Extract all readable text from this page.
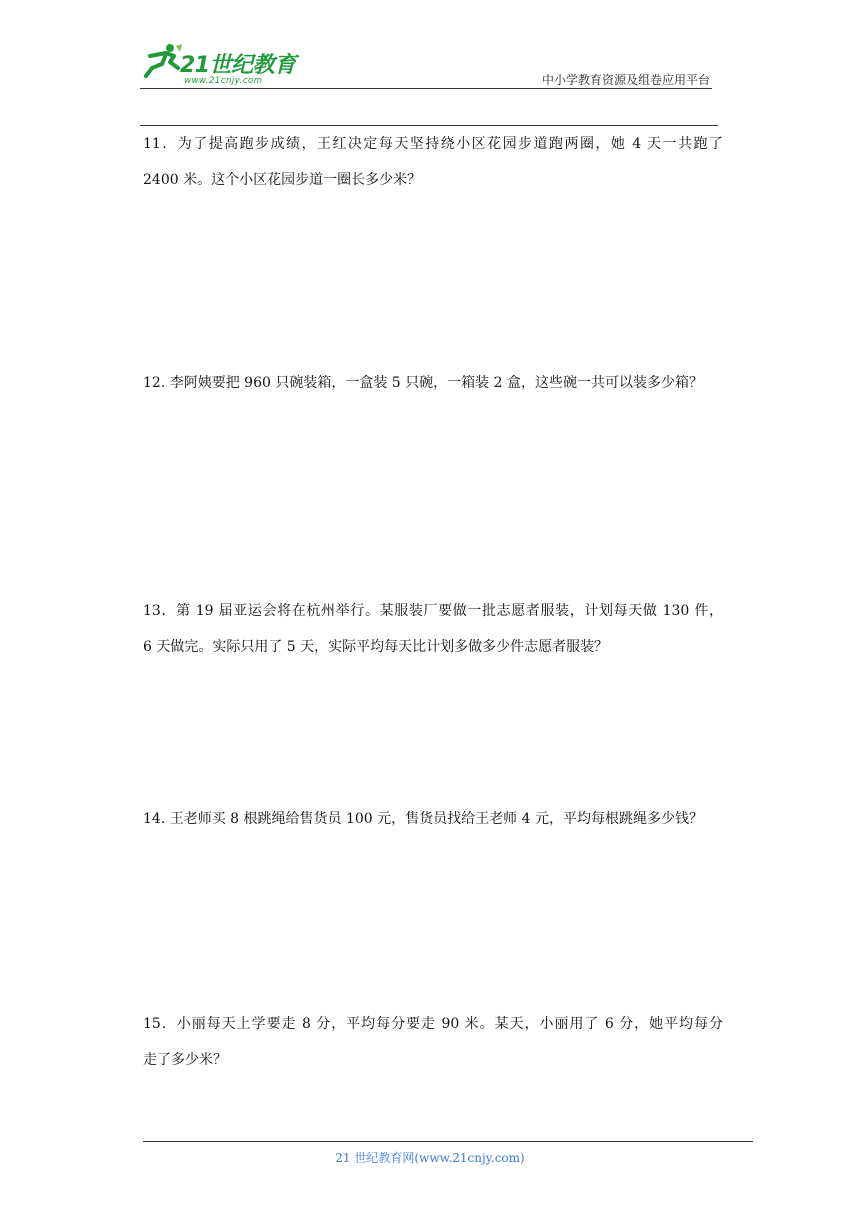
21世纪教育
www.21cnjy.com	中小学教育资源及组卷应用平台

11．为了提高跑步成绩，王红决定每天坚持绕小区花园步道跑两圈，她 4 天一共跑了

2400 米。这个小区花园步道一圈长多少米？

12. 李阿姨要把 960 只碗装箱，一盒装 5 只碗，一箱装 2 盒，这些碗一共可以装多少箱？

13．第 19 届亚运会将在杭州举行。某服装厂要做一批志愿者服装，计划每天做 130 件，

6 天做完。实际只用了 5 天，实际平均每天比计划多做多少件志愿者服装？

14. 王老师买 8 根跳绳给售货员 100 元，售货员找给王老师 4 元，平均每根跳绳多少钱？

15．小丽每天上学要走 8 分，平均每分要走 90 米。某天，小丽用了 6 分，她平均每分

走了多少米？

21 世纪教育网(www.21cnjy.com)
